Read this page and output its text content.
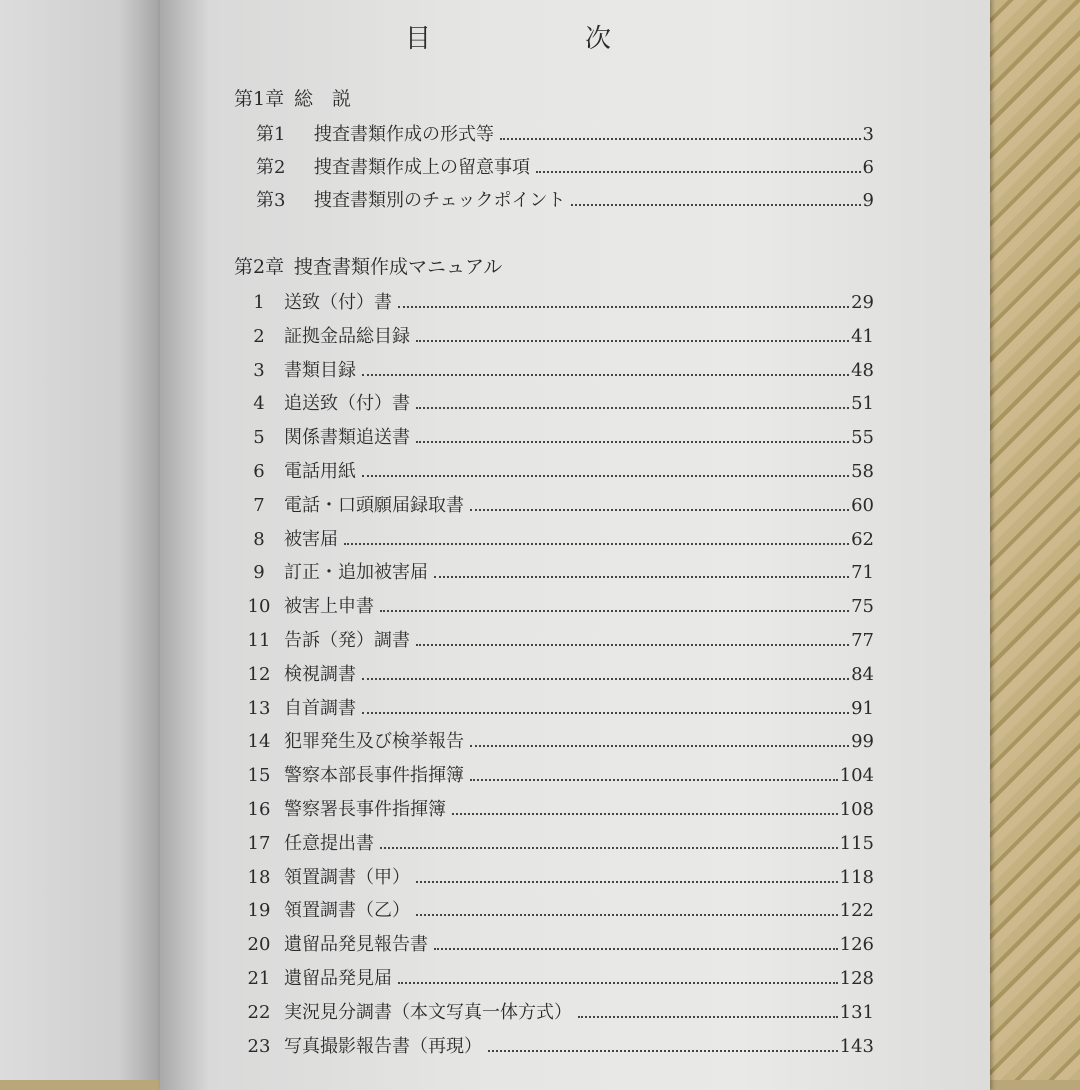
目　次
第1章 総　説
第1	捜査書類作成の形式等	3
第2	捜査書類作成上の留意事項	6
第3	捜査書類別のチェックポイント	9
第2章 捜査書類作成マニュアル
1	送致（付）書	29
2	証拠金品総目録	41
3	書類目録	48
4	追送致（付）書	51
5	関係書類追送書	55
6	電話用紙	58
7	電話・口頭願届録取書	60
8	被害届	62
9	訂正・追加被害届	71
10 被害上申書	75
11 告訴（発）調書	77
12 検視調書	84
13 自首調書	91
14 犯罪発生及び検挙報告	99
15 警察本部長事件指揮簿	104
16 警察署長事件指揮簿	108
17 任意提出書	115
18 領置調書（甲）	118
19 領置調書（乙）	122
20 遺留品発見報告書	126
21 遺留品発見届	128
22 実況見分調書（本文写真一体方式）	131
23 写真撮影報告書（再現）	143
